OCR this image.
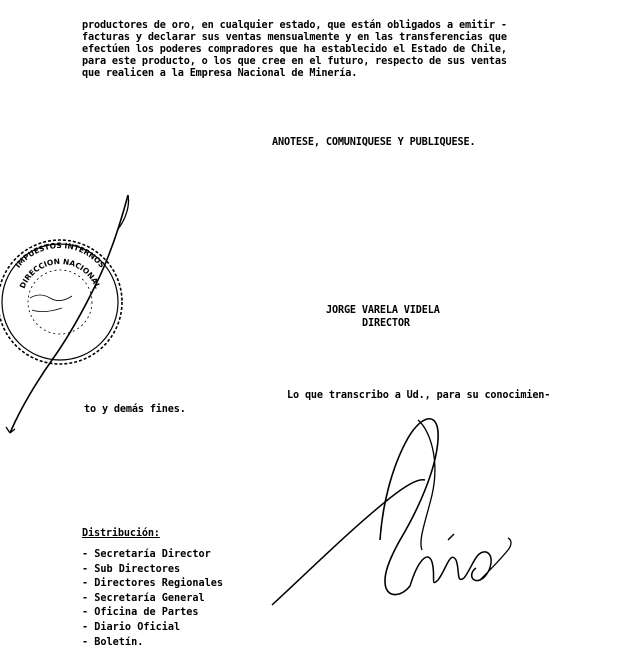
productores de oro, en cualquier estado, que están obligados a emitir -
facturas y declarar sus ventas mensualmente y en las transferencias que
efectúen los poderes compradores que ha establecido el Estado de Chile,
para este producto, o los que cree en el futuro, respecto de sus ventas
que realicen a la Empresa Nacional de Minería.
ANOTESE, COMUNIQUESE Y PUBLIQUESE.
IMPUESTOS INTERNOS
DIRECCION NACIONAL
JORGE VARELA VIDELA
DIRECTOR
Lo que transcribo a Ud., para su conocimien-
to y demás fines.
Distribución:
- Secretaría Director
- Sub Directores
- Directores Regionales
- Secretaría General
- Oficina de Partes
- Diario Oficial
- Boletín.
